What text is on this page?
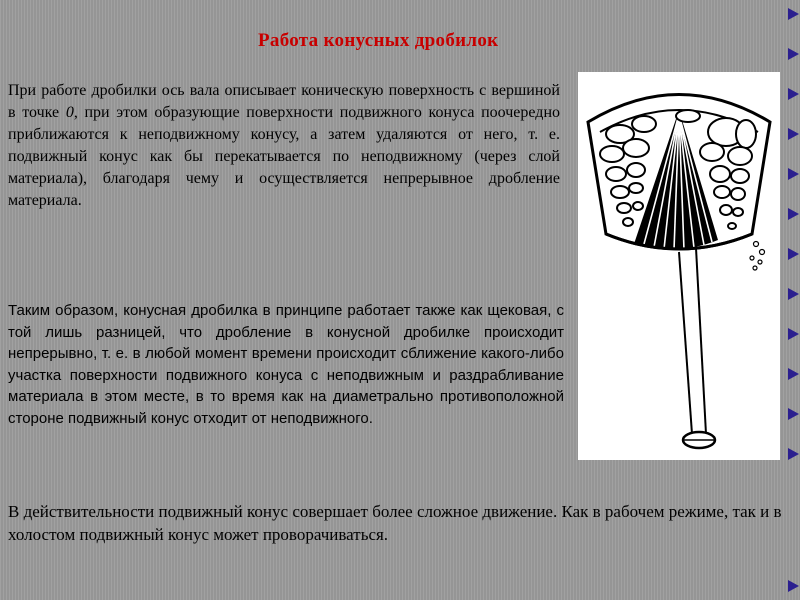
Работа конусных дробилок

При работе дробилки ось вала описывает коническую поверхность с вершиной в точке 0, при этом образующие поверхности подвижного конуса поочередно приближаются к неподвижному конусу, а затем удаляются от него, т. е. подвижный конус как бы перекатывается по неподвижному (через слой материала), благодаря чему и осуществляется непрерывное дробление материала.

Таким образом, конусная дробилка в принципе работает также как щековая, с той лишь разницей, что дробление в конусной дробилке происходит непрерывно, т. е. в любой момент времени происходит сближение какого-либо участка поверхности подвижного конуса с неподвижным и раздрабливание материала в этом месте, в то время как на диаметрально противоположной стороне подвижный конус отходит от неподвижного.

В действительности подвижный конус совершает более сложное движение. Как в рабочем режиме, так и в холостом подвижный конус может проворачиваться.
